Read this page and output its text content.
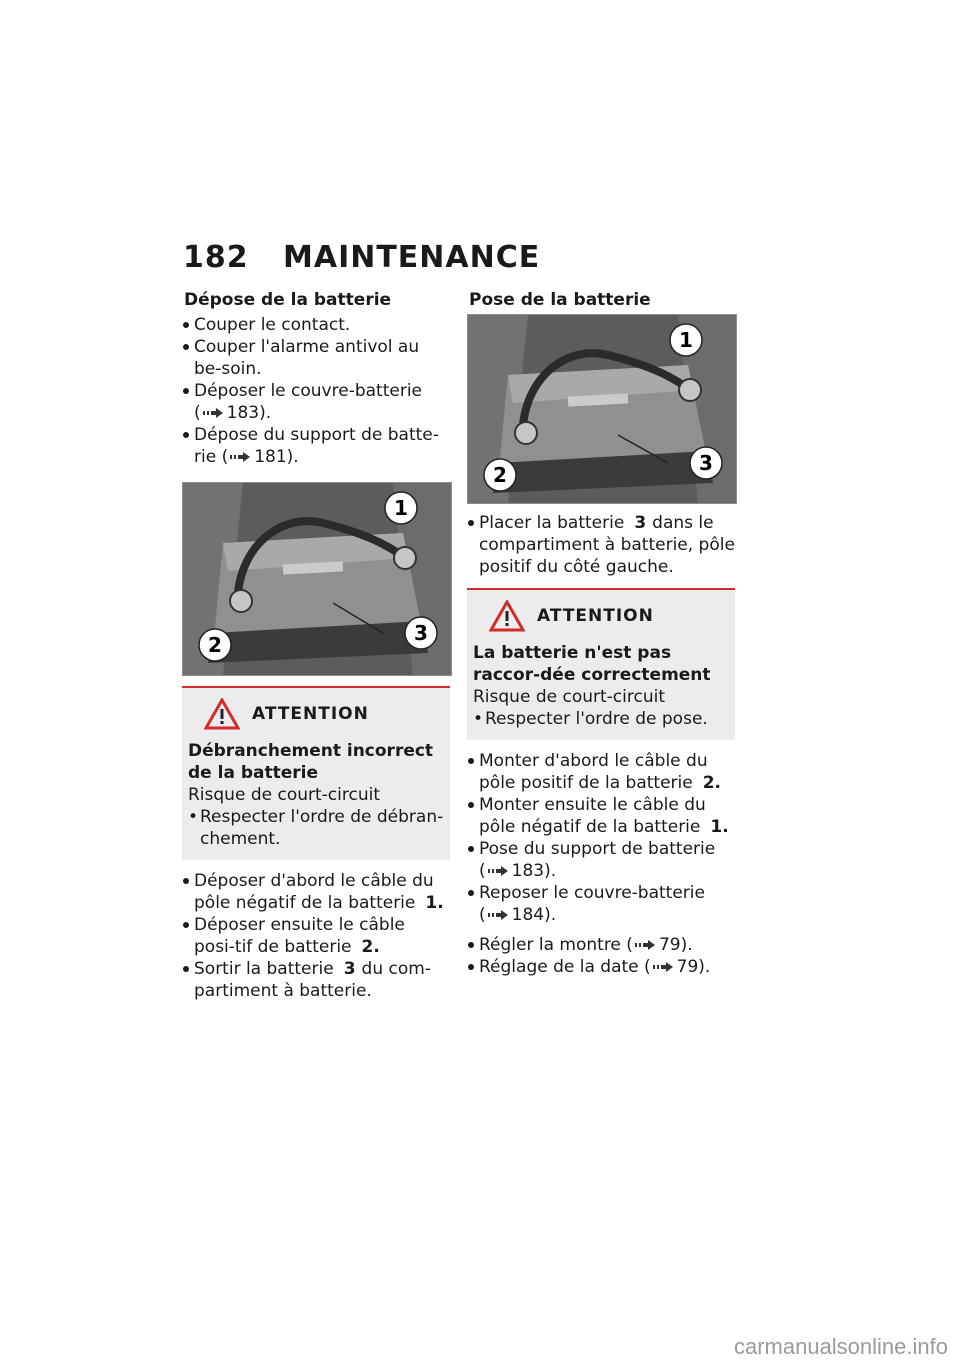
182	MAINTENANCE
Dépose de la batterie
Couper le contact.
Couper l'alarme antivol au be-soin.
Déposer le couvre-batterie
( 183).
Dépose du support de batte-rie ( 181).
1
2	3
ATTENTION
Débranchement incorrect de la batterie
Risque de court-circuit
• Respecter l'ordre de débran-chement.
Déposer d'abord le câble du pôle négatif de la batterie 1.
Déposer ensuite le câble posi-tif de batterie 2.
Sortir la batterie 3 du com-partiment à batterie.
Pose de la batterie
1
2	3
Placer la batterie 3 dans le compartiment à batterie, pôle positif du côté gauche.
ATTENTION
La batterie n'est pas raccor-dée correctement
Risque de court-circuit
• Respecter l'ordre de pose.
Monter d'abord le câble du pôle positif de la batterie 2.
Monter ensuite le câble du pôle négatif de la batterie 1.
Pose du support de batterie
( 183).
Reposer le couvre-batterie
( 184).
Régler la montre ( 79).
Réglage de la date ( 79).
carmanualsonline.info
